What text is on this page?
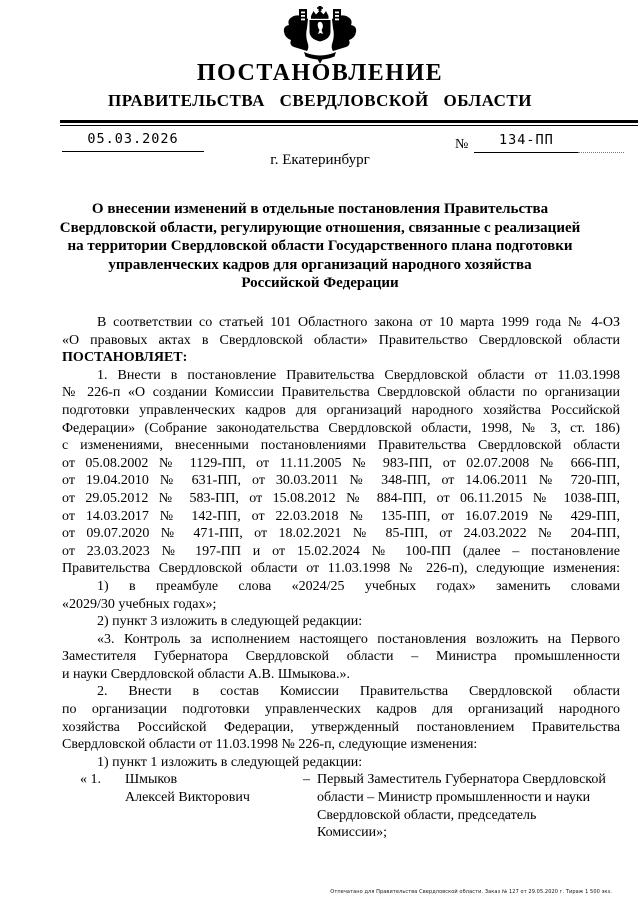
ПОСТАНОВЛЕНИЕ
ПРАВИТЕЛЬСТВА СВЕРДЛОВСКОЙ ОБЛАСТИ
05.03.2026	№ 134-ПП
г. Екатеринбург
О внесении изменений в отдельные постановления Правительства
Свердловской области, регулирующие отношения, связанные с реализацией
на территории Свердловской области Государственного плана подготовки
управленческих кадров для организаций народного хозяйства
Российской Федерации
В соответствии со статьей 101 Областного закона от 10 марта 1999 года № 4-ОЗ
«О правовых актах в Свердловской области» Правительство Свердловской области
ПОСТАНОВЛЯЕТ:
1. Внести в постановление Правительства Свердловской области от 11.03.1998
№ 226-п «О создании Комиссии Правительства Свердловской области по организации
подготовки управленческих кадров для организаций народного хозяйства Российской
Федерации» (Собрание законодательства Свердловской области, 1998, № 3, ст. 186)
с изменениями, внесенными постановлениями Правительства Свердловской области
от 05.08.2002 № 1129-ПП, от 11.11.2005 № 983-ПП, от 02.07.2008 № 666-ПП,
от 19.04.2010 № 631-ПП, от 30.03.2011 № 348-ПП, от 14.06.2011 № 720-ПП,
от 29.05.2012 № 583-ПП, от 15.08.2012 № 884-ПП, от 06.11.2015 № 1038-ПП,
от 14.03.2017 № 142-ПП, от 22.03.2018 № 135-ПП, от 16.07.2019 № 429-ПП,
от 09.07.2020 № 471-ПП, от 18.02.2021 № 85-ПП, от 24.03.2022 № 204-ПП,
от 23.03.2023 № 197-ПП и от 15.02.2024 № 100-ПП (далее – постановление
Правительства Свердловской области от 11.03.1998 № 226-п), следующие изменения:
1) в преамбуле слова «2024/25 учебных годах» заменить словами
«2029/30 учебных годах»;
2) пункт 3 изложить в следующей редакции:
«3. Контроль за исполнением настоящего постановления возложить на Первого
Заместителя Губернатора Свердловской области – Министра промышленности
и науки Свердловской области А.В. Шмыкова.».
2. Внести в состав Комиссии Правительства Свердловской области
по организации подготовки управленческих кадров для организаций народного
хозяйства Российской Федерации, утвержденный постановлением Правительства
Свердловской области от 11.03.1998 № 226-п, следующие изменения:
1) пункт 1 изложить в следующей редакции:
« 1.	Шмыков
Алексей Викторович
– Первый Заместитель Губернатора Свердловской
области – Министр промышленности и науки
Свердловской области, председатель
Комиссии»;
Отпечатано для Правительства Свердловской области. Заказ № 127 от 29.05.2020 г. Тираж 1 500 экз.
